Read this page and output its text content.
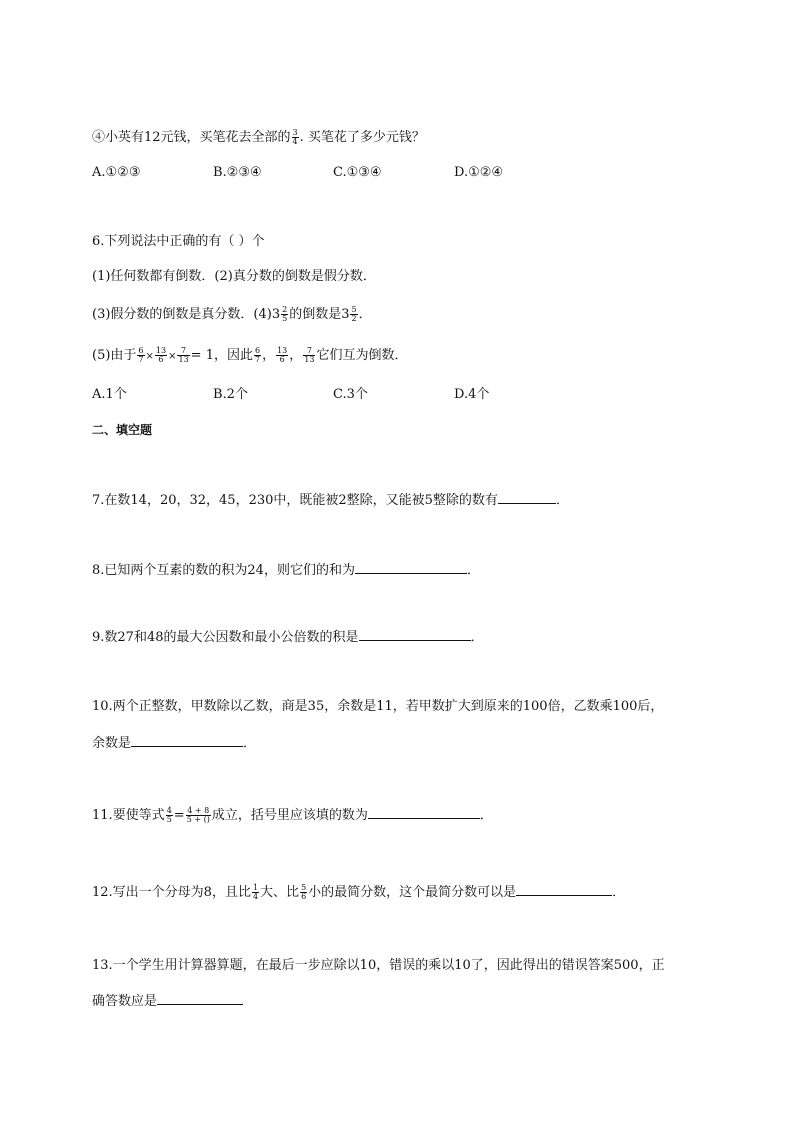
④小英有12元钱，买笔花去全部的 $\frac{3}{4}$ . 买笔花了多少元钱？
A.①②③	B.②③④	C.①③④	D.①②④
6.下列说法中正确的有（ ）个
(1)任何数都有倒数．(2)真分数的倒数是假分数．
(3)假分数的倒数是真分数．$(4)3 \frac{2}{5}$ 的倒数是$3 \frac{5}{2}$ ．
(5)由于 $\frac{6}{7} \times \frac{13}{6} \times \frac{7}{13} = 1$，因此 $\frac{6}{7}$ ， $\frac{13}{6}$ ， $\frac{7}{13}$ 它们互为倒数．
A.1个	B.2个	C.3个	D.4个
二、填空题
7.在数14，20，32，45，230中，既能被2整除，又能被5整除的数有	．
8.已知两个互素的数的积为24，则它们的和为	．
9.数27和48的最大公因数和最小公倍数的积是	．
10.两个正整数，甲数除以乙数，商是35，余数是11，若甲数扩大到原来的100倍，乙数乘100后，
余数是	．
11.要使等式 $\frac{4}{5} = \frac{4 + 8}{5 + ()}$ 成立，括号里应该填的数为	．
12.写出一个分母为8，且比 $\frac{1}{4}$ 大、比 $\frac{5}{6}$ 小的最简分数，这个最简分数可以是	．
13.一个学生用计算器算题，在最后一步应除以10，错误的乘以10了，因此得出的错误答案500，正
确答数应是
